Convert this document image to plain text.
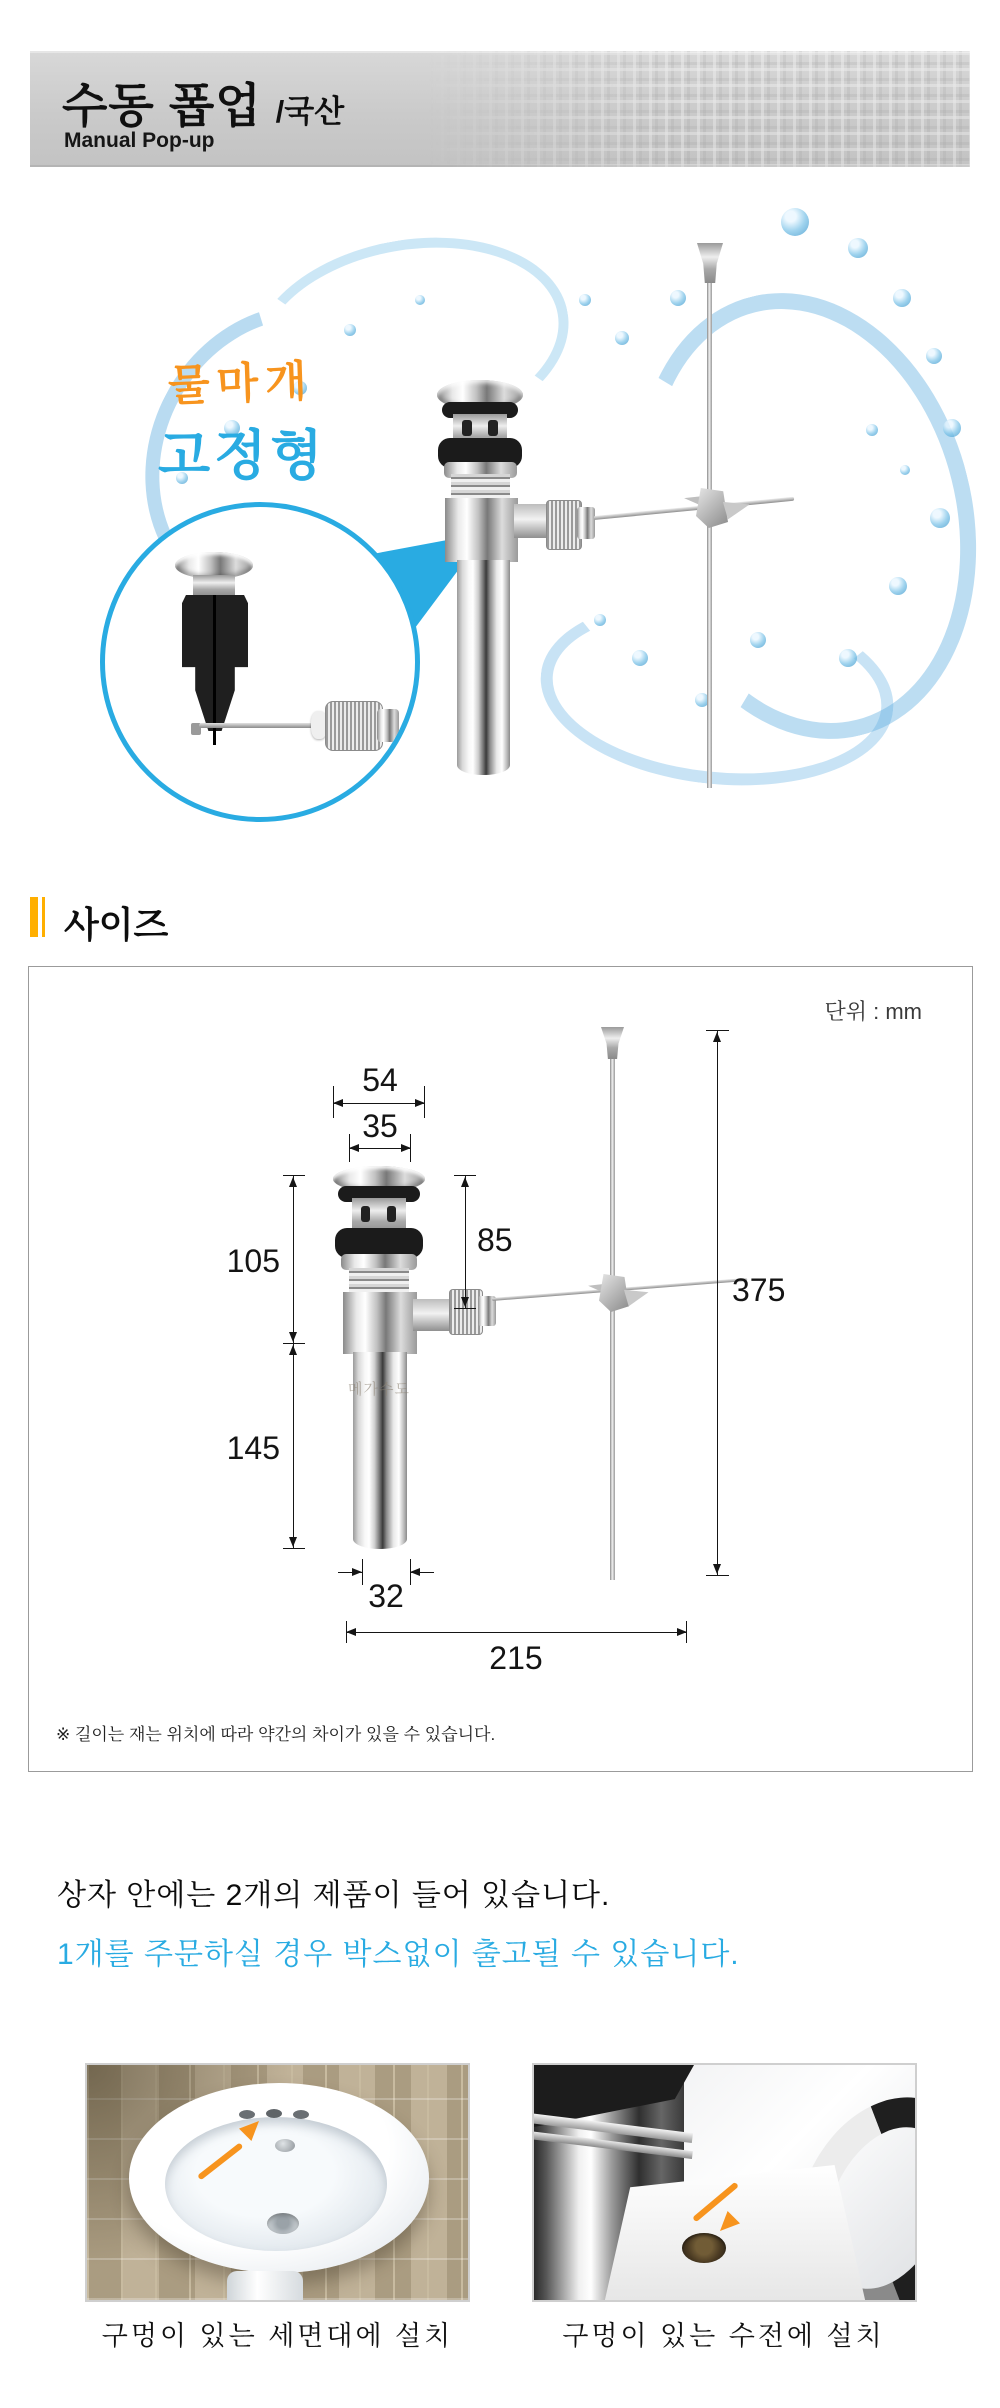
수동 폽업 /국산
Manual Pop-up
물마개
고정형
사이즈
단위 : mm
메가수도
54
35
105
145
85
375
32
215
※ 길이는 재는 위치에 따라 약간의 차이가 있을 수 있습니다.
상자 안에는 2개의 제품이 들어 있습니다.
1개를 주문하실 경우 박스없이 출고될 수 있습니다.
구멍이 있는 세면대에 설치	구멍이 있는 수전에 설치
